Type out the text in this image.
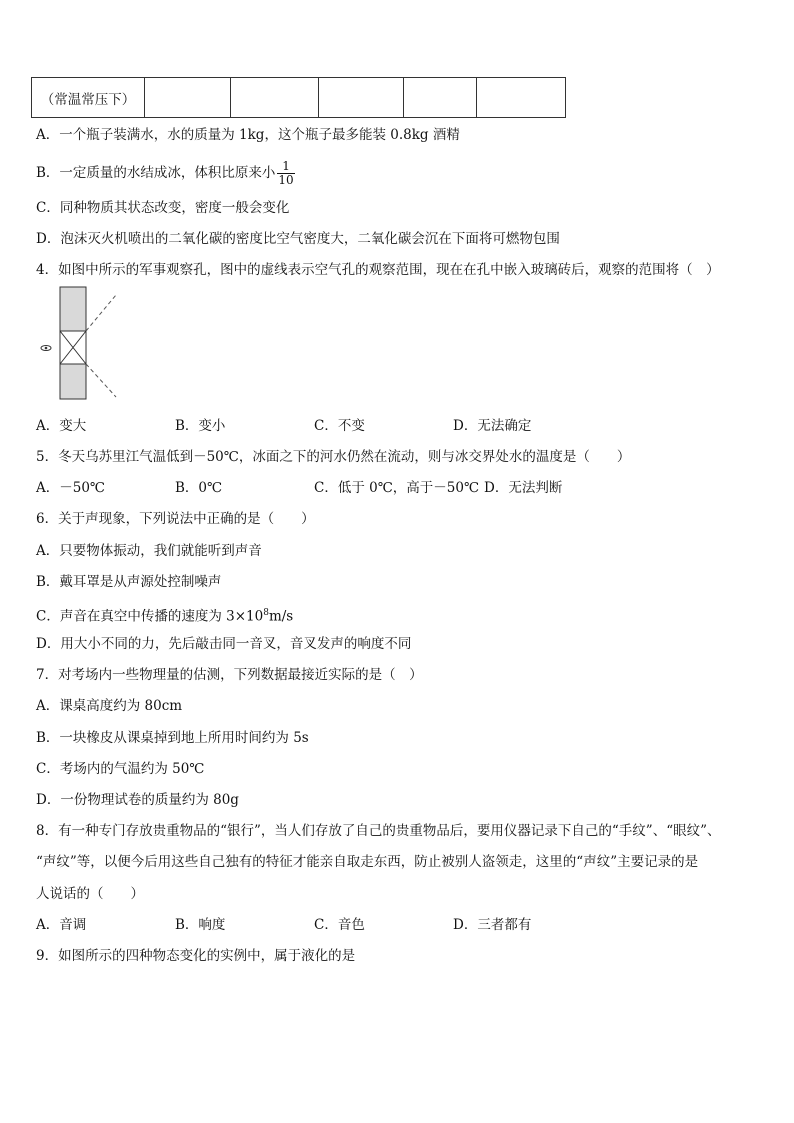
（常温常压下）					
A．一个瓶子装满水，水的质量为 1kg，这个瓶子最多能装 0.8kg 酒精
B．一定质量的水结成冰，体积比原来小 $\frac{1}{10}$
C．同种物质其状态改变，密度一般会变化
D．泡沫灭火机喷出的二氧化碳的密度比空气密度大，二氧化碳会沉在下面将可燃物包围
4．如图中所示的军事观察孔，图中的虚线表示空气孔的观察范围，现在在孔中嵌入玻璃砖后，观察的范围将（　）
A．变大	B．变小	C．不变	D．无法确定
5．冬天乌苏里江气温低到－50℃，冰面之下的河水仍然在流动，则与冰交界处水的温度是（　　）
A．－50℃	B．0℃	C．低于 0℃，高于－50℃ D．无法判断
6．关于声现象，下列说法中正确的是（　　）
A．只要物体振动，我们就能听到声音
B．戴耳罩是从声源处控制噪声
C．声音在真空中传播的速度为 $3\times 10^8m/s$
D．用大小不同的力，先后敲击同一音叉，音叉发声的响度不同
7．对考场内一些物理量的估测，下列数据最接近实际的是（　）
A．课桌高度约为 80cm
B．一块橡皮从课桌掉到地上所用时间约为 5s
C．考场内的气温约为 50℃
D．一份物理试卷的质量约为 80g
8．有一种专门存放贵重物品的“银行”，当人们存放了自己的贵重物品后，要用仪器记录下自己的“手纹”、“眼纹”、
“声纹”等，以便今后用这些自己独有的特征才能亲自取走东西，防止被别人盗领走，这里的“声纹”主要记录的是
人说话的（　　）
A．音调	B．响度	C．音色	D．三者都有
9．如图所示的四种物态变化的实例中，属于液化的是
